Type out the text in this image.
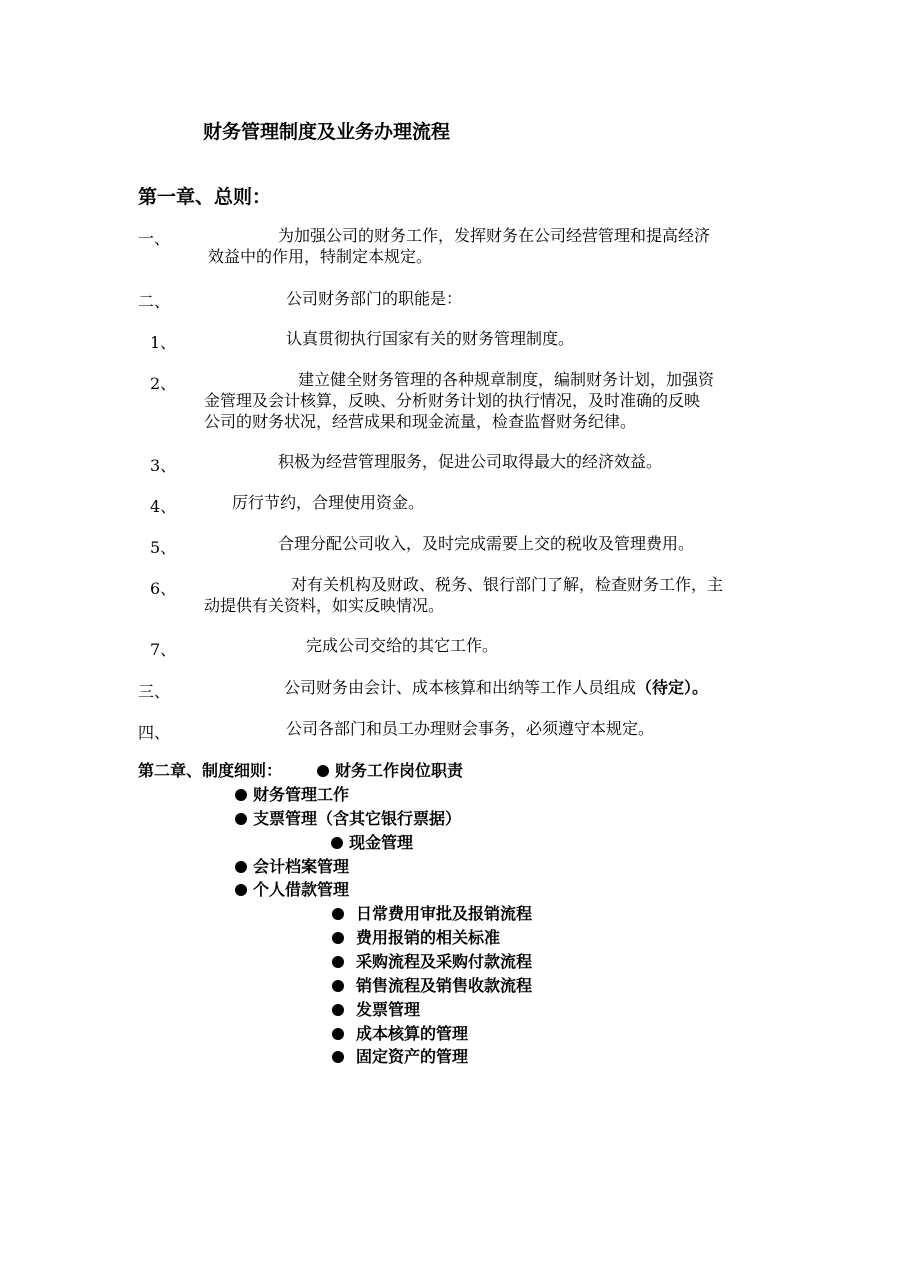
财务管理制度及业务办理流程
第一章、总则：
一、	为加强公司的财务工作，发挥财务在公司经营管理和提高经济
效益中的作用，特制定本规定。
二、	公司财务部门的职能是：
1、	认真贯彻执行国家有关的财务管理制度。
2、	建立健全财务管理的各种规章制度，编制财务计划，加强资
金管理及会计核算，反映、分析财务计划的执行情况，及时准确的反映
公司的财务状况，经营成果和现金流量，检查监督财务纪律。
3、	积极为经营管理服务，促进公司取得最大的经济效益。
4、	厉行节约，合理使用资金。
5、	合理分配公司收入，及时完成需要上交的税收及管理费用。
6、	对有关机构及财政、税务、银行部门了解，检查财务工作，主
动提供有关资料，如实反映情况。
7、	完成公司交给的其它工作。
三、	公司财务由会计、成本核算和出纳等工作人员组成（待定）。
四、	公司各部门和员工办理财会事务，必须遵守本规定。
第二章、制度细则：	财务工作岗位职责
财务管理工作
支票管理（含其它银行票据）
现金管理
会计档案管理
个人借款管理
日常费用审批及报销流程
费用报销的相关标准
采购流程及采购付款流程
销售流程及销售收款流程
发票管理
成本核算的管理
固定资产的管理
